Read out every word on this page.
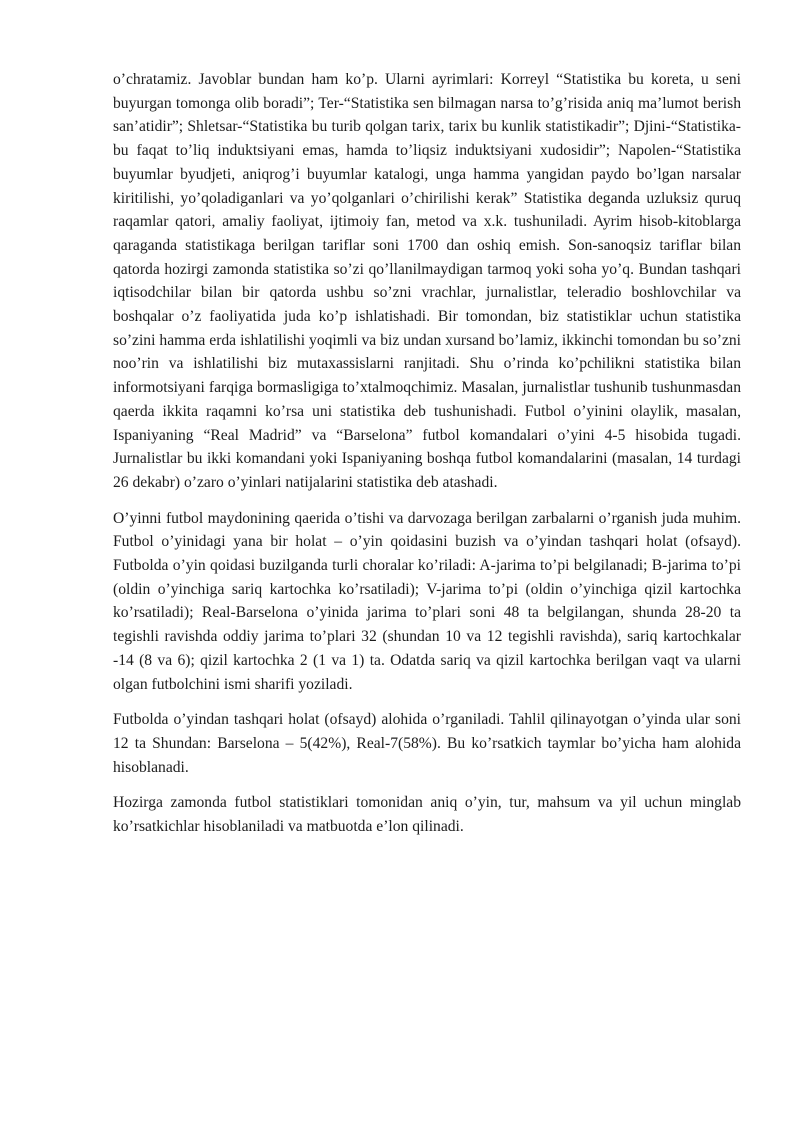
o’chratamiz. Javoblar bundan ham ko’p. Ularni ayrimlari: Korreyl “Statistika bu koreta, u seni buyurgan tomonga olib boradi”; Ter-“Statistika sen bilmagan narsa to’g’risida aniq ma’lumot berish san’atidir”; Shletsar-“Statistika bu turib qolgan tarix, tarix bu kunlik statistikadir”; Djini-“Statistika-bu faqat to’liq induktsiyani emas, hamda to’liqsiz induktsiyani xudosidir”; Napolen-“Statistika buyumlar byudjeti, aniqrog’i buyumlar katalogi, unga hamma yangidan paydo bo’lgan narsalar kiritilishi, yo’qoladiganlari va yo’qolganlari o’chirilishi kerak” Statistika deganda uzluksiz quruq raqamlar qatori, amaliy faoliyat, ijtimoiy fan, metod va x.k. tushuniladi. Ayrim hisob-kitoblarga qaraganda statistikaga berilgan tariflar soni 1700 dan oshiq emish. Son-sanoqsiz tariflar bilan qatorda hozirgi zamonda statistika so’zi qo’llanilmaydigan tarmoq yoki soha yo’q. Bundan tashqari iqtisodchilar bilan bir qatorda ushbu so’zni vrachlar, jurnalistlar, teleradio boshlovchilar va boshqalar o’z faoliyatida juda ko’p ishlatishadi. Bir tomondan, biz statistiklar uchun statistika so’zini hamma erda ishlatilishi yoqimli va biz undan xursand bo’lamiz, ikkinchi tomondan bu so’zni noo’rin va ishlatilishi biz mutaxassislarni ranjitadi. Shu o’rinda ko’pchilikni statistika bilan informotsiyani farqiga bormasligiga to’xtalmoqchimiz. Masalan, jurnalistlar tushunib tushunmasdan qaerda ikkita raqamni ko’rsa uni statistika deb tushunishadi. Futbol o’yinini olaylik, masalan, Ispaniyaning “Real Madrid” va “Barselona” futbol komandalari o’yini 4-5 hisobida tugadi. Jurnalistlar bu ikki komandani yoki Ispaniyaning boshqa futbol komandalarini (masalan, 14 turdagi 26 dekabr) o’zaro o’yinlari natijalarini statistika deb atashadi.

O’yinni futbol maydonining qaerida o’tishi va darvozaga berilgan zarbalarni o’rganish juda muhim. Futbol o’yinidagi yana bir holat – o’yin qoidasini buzish va o’yindan tashqari holat (ofsayd). Futbolda o’yin qoidasi buzilganda turli choralar ko’riladi: A-jarima to’pi belgilanadi; B-jarima to’pi (oldin o’yinchiga sariq kartochka ko’rsatiladi); V-jarima to’pi (oldin o’yinchiga qizil kartochka ko’rsatiladi); Real-Barselona o’yinida jarima to’plari soni 48 ta belgilangan, shunda 28-20 ta tegishli ravishda oddiy jarima to’plari 32 (shundan 10 va 12 tegishli ravishda), sariq kartochkalar -14 (8 va 6); qizil kartochka 2 (1 va 1) ta. Odatda sariq va qizil kartochka berilgan vaqt va ularni olgan futbolchini ismi sharifi yoziladi.

Futbolda o’yindan tashqari holat (ofsayd) alohida o’rganiladi. Tahlil qilinayotgan o’yinda ular soni 12 ta Shundan: Barselona – 5(42%), Real-7(58%). Bu ko’rsatkich taymlar bo’yicha ham alohida hisoblanadi.

Hozirga zamonda futbol statistiklari tomonidan aniq o’yin, tur, mahsum va yil uchun minglab ko’rsatkichlar hisoblaniladi va matbuotda e’lon qilinadi.
